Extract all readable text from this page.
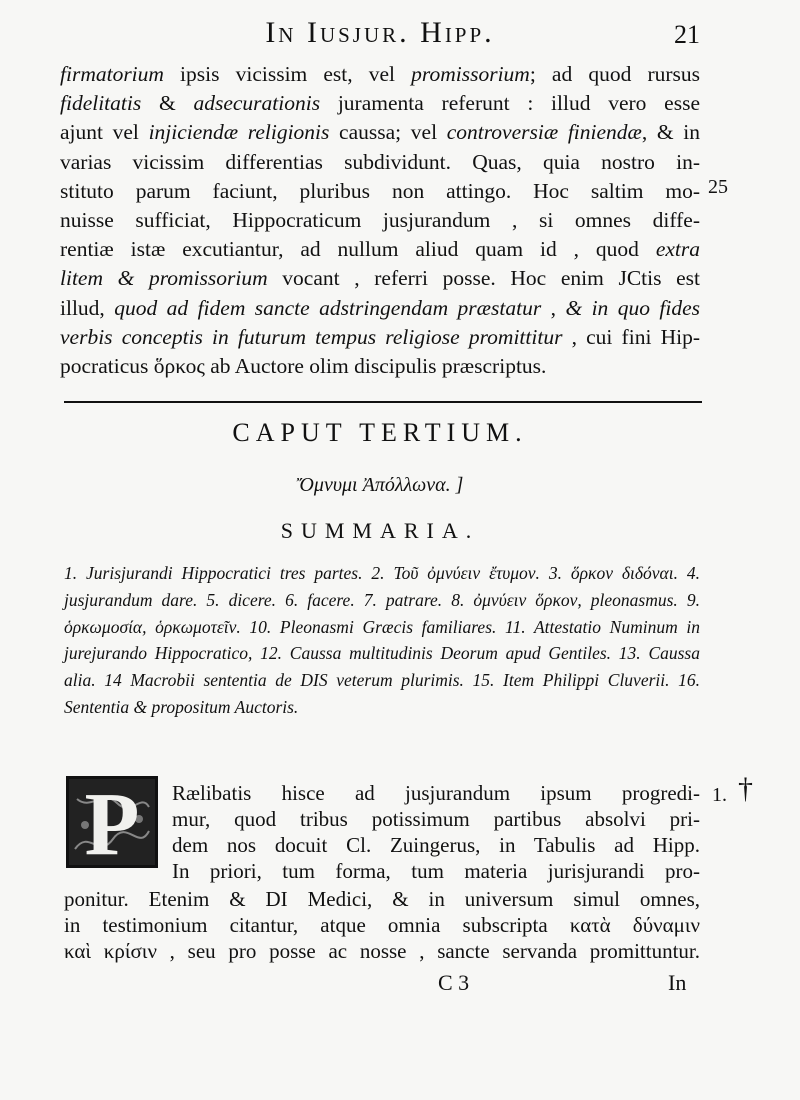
In Iusjur. Hipp.	21
firmatorium ipsis vicissim est, vel promissorium; ad quod rursus
fidelitatis & adsecurationis juramenta referunt : illud vero esse
ajunt vel injiciendæ religionis caussa; vel controversiæ finiendæ, & in
varias vicissim differentias subdividunt. Quas, quia nostro in-
stituto parum faciunt, pluribus non attingo. Hoc saltim mo-
nuisse sufficiat, Hippocraticum jusjurandum , si omnes diffe-
rentiæ istæ excutiantur, ad nullum aliud quam id , quod extra
litem & promissorium vocant , referri posse. Hoc enim JCtis est
illud, quod ad fidem sancte adstringendam præstatur , & in quo fides
verbis conceptis in futurum tempus religiose promittitur , cui fini Hip-
pocraticus ὅρκος ab Auctore olim discipulis præscriptus.
25
CAPUT TERTIUM.
Ὄμνυμι Ἀπόλλωνα. ]
SUMMARIA.
1. Jurisjurandi Hippocratici tres partes. 2. Τοῦ ὀμνύειν ἔτυμον. 3. ὅρκον διδόναι. 4. jusjurandum dare. 5. dicere. 6. facere. 7. patrare. 8. ὀμνύειν ὅρκον, pleonasmus. 9. ὁρκωμοσία, ὁρκωμοτεῖν. 10. Pleonasmi Græcis familiares. 11. Attestatio Numinum in jurejurando Hippocratico, 12. Caussa multitudinis Deorum apud Gentiles. 13. Caussa alia. 14 Macrobii sententia de DIS veterum plurimis. 15. Item Philippi Cluverii. 16. Sententia & propositum Auctoris.
P	Rælibatis hisce ad jusjurandum ipsum progredi-
mur, quod tribus potissimum partibus absolvi pri-
dem nos docuit Cl. Zuingerus, in Tabulis ad Hipp.
In priori, tum forma, tum materia jurisjurandi pro-
ponitur. Etenim & DI Medici, & in universum simul omnes,
in testimonium citantur, atque omnia subscripta κατὰ δύναμιν
καὶ κρίσιν , seu pro posse ac nosse , sancte servanda promittuntur.
1. †
C 3	In
